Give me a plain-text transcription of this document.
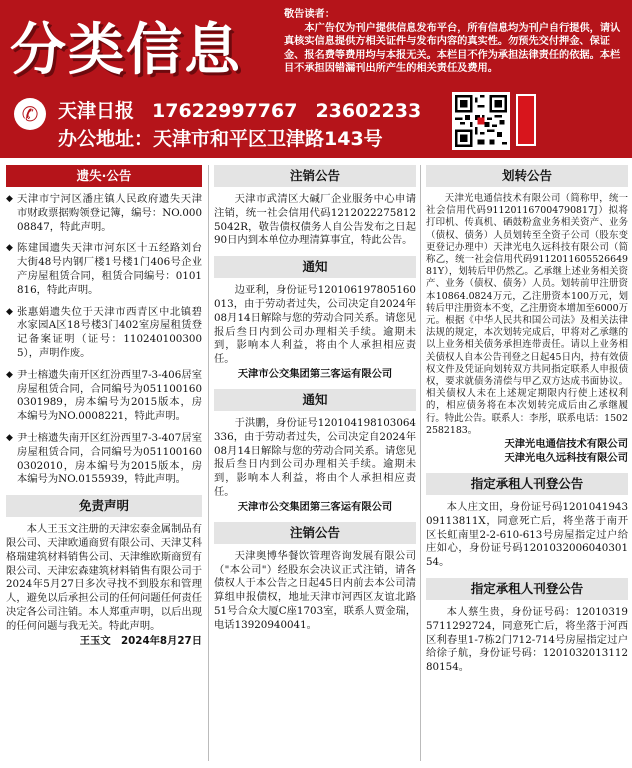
分类信息
敬告读者：
本广告仅为刊户提供信息发布平台，所有信息均为刊户自行提供，请认真核实信息提供方相关证件与发布内容的真实性。勿预先交付押金、保证金、报名费等费用均与本报无关。本栏目不作为承担法律责任的依据。本栏目不承担因错漏刊出所产生的相关责任及费用。
✆	天津日报 17622997767 23602233
办公地址：天津市和平区卫津路143号
遗失·公告
◆ 天津市宁河区潘庄镇人民政府遗失天津市财政票据购领登记簿，编号：NO.00008847，特此声明。
◆ 陈建国遗失天津市河东区十五经路刘台大街48号内钢厂楼1号楼1门406号企业产房屋租赁合同，租赁合同编号：0101816，特此声明。
◆ 张惠娟遗失位于天津市西青区中北镇碧水家园A区18号楼3门402室房屋租赁登记备案证明（证号：1102401003005），声明作废。
◆ 尹士榕遗失南开区红汾西里7-3-406居室房屋租赁合同，合同编号为0511001600301989，房本编号为2015版本，房本编号为NO.0008221，特此声明。
◆ 尹士榕遗失南开区红汾西里7-3-407居室房屋租赁合同，合同编号为0511001600302010，房本编号为2015版本，房本编号为NO.0155939，特此声明。
免责声明
本人王玉文注册的天津宏泰金属制品有限公司、天津欧通商贸有限公司、天津艾科格瑞建筑材料销售公司、天津维欧斯商贸有限公司、天津宏森建筑材料销售有限公司于2024年5月27日多次寻找不到股东和管理人，避免以后承担公司的任何问题任何责任决定各公司注销。本人郑重声明，以后出现的任何问题与我无关。特此声明。
王玉文　2024年8月27日
注销公告
天津市武清区大碱厂企业服务中心申请注销，统一社会信用代码12120222758125042R，敬告债权债务人自公告发布之日起90日内到本单位办理清算事宜，特此公告。
通知
边亚利，身份证号120106197805160013，由于劳动者过失，公司决定自2024年08月14日解除与您的劳动合同关系。请您见报后叁日内到公司办理相关手续。逾期未到，影响本人利益，将由个人承担相应责任。
天津市公交集团第三客运有限公司
通知
于洪鹏，身份证号120104198103064336，由于劳动者过失，公司决定自2024年08月14日解除与您的劳动合同关系。请您见报后叁日内到公司办理相关手续。逾期未到，影响本人利益，将由个人承担相应责任。
天津市公交集团第三客运有限公司
注销公告
天津奥博华餐饮管理咨询发展有限公司（"本公司"）经股东会决议正式注销，请各债权人于本公告之日起45日内前去本公司清算组申报债权，地址天津市河西区友谊北路51号合众大厦C座1703室，联系人贾金瑞，电话13920940041。
划转公告
天津光电通信技术有限公司（简称甲，统一社会信用代码911201167004790817J）拟将打印机、传真机、硒鼓粉盒业务相关资产、业务（债权、债务）人员划转至全资子公司（股东变更登记办理中）天津光电久远科技有限公司（简称乙，统一社会信用代码911201160552664981Y），划转后甲仍然乙。乙承继上述业务相关资产、业务（债权、债务）人员。划转前甲注册资本10864.0824万元，乙注册资本100万元，划转后甲注册资本不变，乙注册资本增加至6000万元。根据《中华人民共和国公司法》及相关法律法规的规定，本次划转完成后，甲将对乙承继的以上业务相关债务承担连带责任。请以上业务相关债权人自本公告刊登之日起45日内，持有效债权文件及凭证向划转双方共同指定联系人申报债权，要求就债务清偿与甲乙双方达成书面协议。相关债权人未在上述规定期限内行使上述权利的，相应债务将在本次划转完成后由乙承继履行。特此公告。联系人：李彤，联系电话：15022582183。
天津光电通信技术有限公司
天津光电久远科技有限公司
指定承租人刊登公告
本人庄文田，身份证号码120104194309113811X，同意死亡后，将坐落于南开区长虹南里2-2-610-613号房屋指定过户给庄如心，身份证号码120103200604030154。
指定承租人刊登公告
本人蔡生贵，身份证号码：120103195711292724，同意死亡后，将坐落于河西区利春里1-7栋2门712-714号房屋指定过户给徐子航，身份证号码：120103201311280154。
